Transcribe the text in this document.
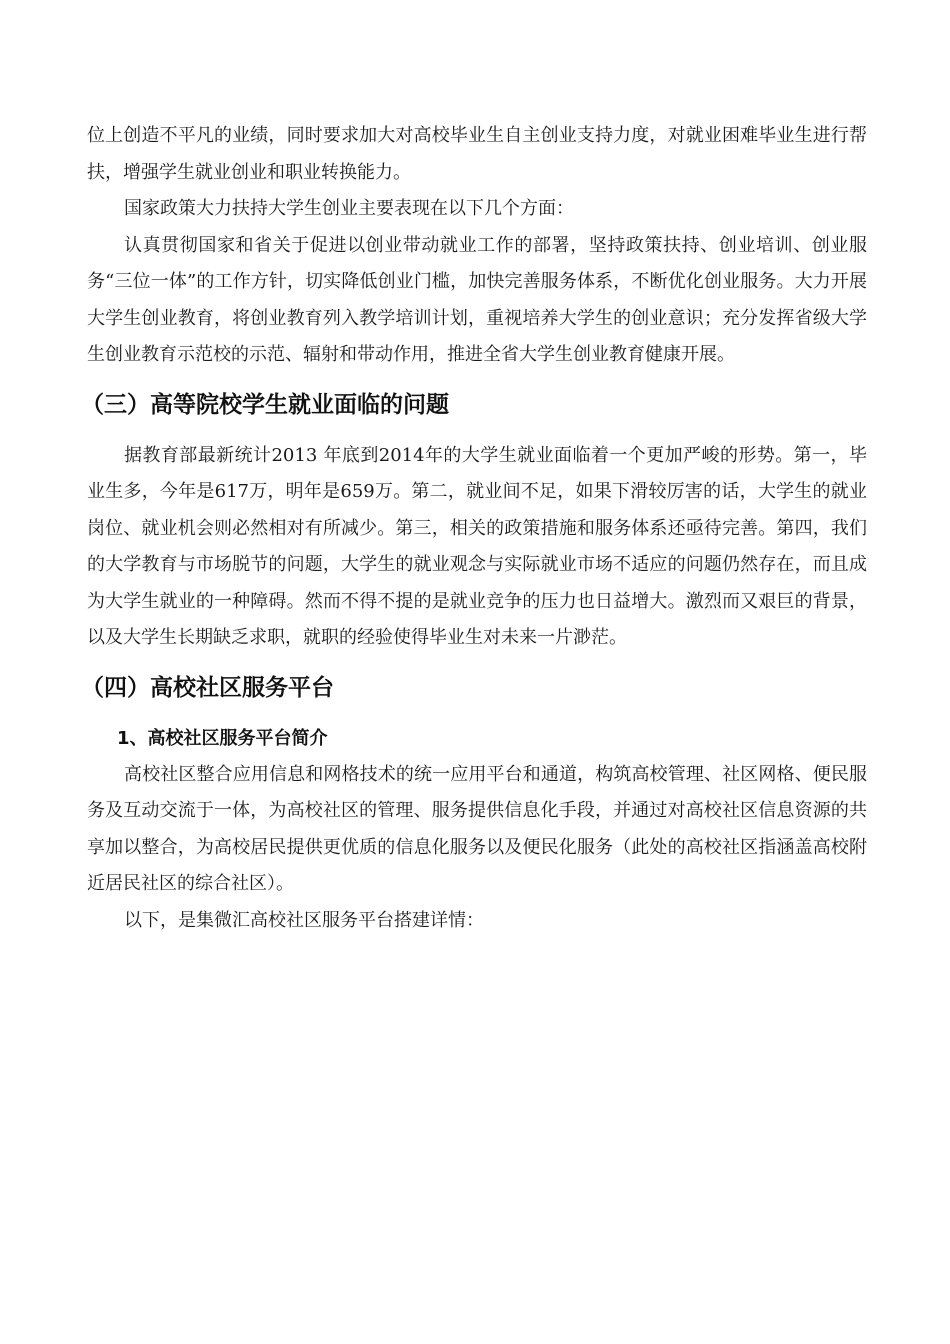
位上创造不平凡的业绩，同时要求加大对高校毕业生自主创业支持力度，对就业困难毕业生进行帮扶，增强学生就业创业和职业转换能力。

国家政策大力扶持大学生创业主要表现在以下几个方面：

认真贯彻国家和省关于促进以创业带动就业工作的部署，坚持政策扶持、创业培训、创业服务“三位一体”的工作方针，切实降低创业门槛，加快完善服务体系，不断优化创业服务。大力开展大学生创业教育，将创业教育列入教学培训计划，重视培养大学生的创业意识；充分发挥省级大学生创业教育示范校的示范、辐射和带动作用，推进全省大学生创业教育健康开展。

（三）高等院校学生就业面临的问题

据教育部最新统计2013 年底到2014年的大学生就业面临着一个更加严峻的形势。第一，毕业生多，今年是617万，明年是659万。第二，就业间不足，如果下滑较厉害的话，大学生的就业岗位、就业机会则必然相对有所减少。第三，相关的政策措施和服务体系还亟待完善。第四，我们的大学教育与市场脱节的问题，大学生的就业观念与实际就业市场不适应的问题仍然存在，而且成为大学生就业的一种障碍。然而不得不提的是就业竞争的压力也日益增大。激烈而又艰巨的背景，以及大学生长期缺乏求职，就职的经验使得毕业生对未来一片渺茫。

（四）高校社区服务平台
1、高校社区服务平台简介

高校社区整合应用信息和网格技术的统一应用平台和通道，构筑高校管理、社区网格、便民服务及互动交流于一体，为高校社区的管理、服务提供信息化手段，并通过对高校社区信息资源的共享加以整合，为高校居民提供更优质的信息化服务以及便民化服务（此处的高校社区指涵盖高校附近居民社区的综合社区）。

以下，是集微汇高校社区服务平台搭建详情：
